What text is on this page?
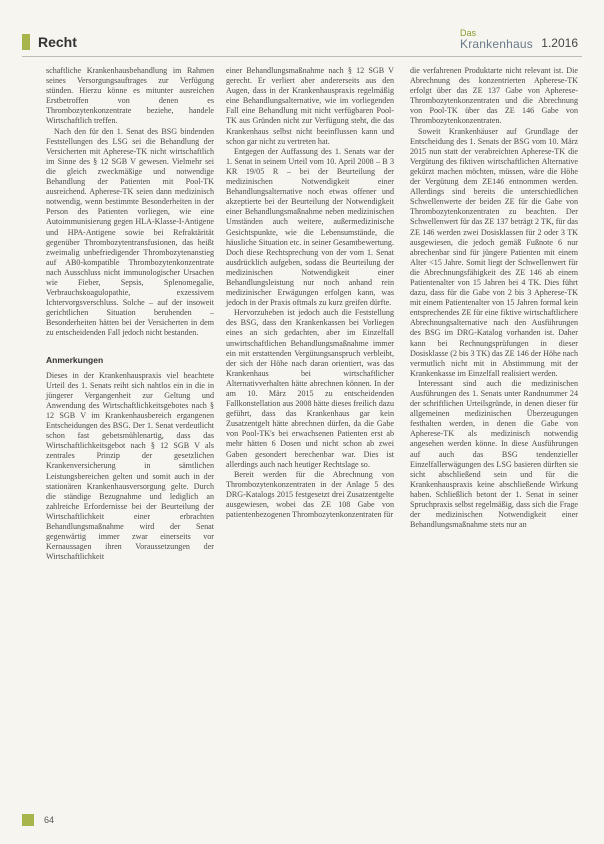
Recht
Das
Krankenhaus 1.2016

schaftliche Krankenhausbehandlung im Rahmen seines Versorgungsauftrages zur Verfügung stünden. Hierzu könne es mitunter ausreichen Erstbetroffen von denen es Thrombozytenkonzentrate beziehe, handele Wirtschaftlich treffen.

Nach den für den 1. Senat des BSG bindenden Feststellungen des LSG sei die Behandlung der Versicherten mit Apherese-TK nicht wirtschaftlich im Sinne des § 12 SGB V gewesen. Vielmehr sei die gleich zweckmäßige und notwendige Behandlung der Patienten mit Pool-TK ausreichend. Apherese-TK seien dann medizinisch notwendig, wenn bestimmte Besonderheiten in der Person des Patienten vorliegen, wie eine Autoimmunisierung gegen HLA-Klasse-I-Antigene und HPA-Antigene sowie bei Refraktärität gegenüber Thrombozytentransfusionen, das heißt zweimalig unbefriedigender Thrombozytenanstieg auf AB0-kompatible Thrombozytenkonzentrate nach Ausschluss nicht immunologischer Ursachen wie Fieber, Sepsis, Splenomegalie, Verbrauchskoagulopathie, exzessivem Ichtervorgsverschluss. Solche – auf der insoweit gerichtlichen Situation beruhenden – Besonderheiten hätten bei der Versicherten in dem zu entscheidenden Fall jedoch nicht bestanden.

Anmerkungen

Dieses in der Krankenhauspraxis viel beachtete Urteil des 1. Senats reiht sich nahtlos ein in die in jüngerer Vergangenheit zur Geltung und Anwendung des Wirtschaftlichkeitsgebotes nach § 12 SGB V im Krankenhausbereich ergangenen Entscheidungen des BSG. Der 1. Senat verdeutlicht schon fast gebetsmühlenartig, dass das Wirtschaftlichkeitsgebot nach § 12 SGB V als zentrales Prinzip der gesetzlichen Krankenversicherung in sämtlichen Leistungsbereichen gelten und somit auch in der stationären Krankenhausversorgung gelte. Durch die ständige Bezugnahme und lediglich an zahlreiche Erfordernisse bei der Beurteilung der Wirtschaftlichkeit einer erbrachten Behandlungsmaßnahme wird der Senat gegenwärtig immer zwar einerseits vor Kernaussagen ihren Voraussetzungen der Wirtschaftlichkeit

einer Behandlungsmaßnahme nach § 12 SGB V gerecht. Er verliert aber andererseits aus den Augen, dass in der Krankenhauspraxis regelmäßig eine Behandlungsalternative, wie im vorliegenden Fall eine Behandlung mit nicht verfügbaren Pool-TK aus Gründen nicht zur Verfügung steht, die das Krankenhaus selbst nicht beeinflussen kann und schon gar nicht zu vertreten hat.

Entgegen der Auffassung des 1. Senats war der 1. Senat in seinem Urteil vom 10. April 2008 – B 3 KR 19/05 R – bei der Beurteilung der medizinischen Notwendigkeit einer Behandlungsalternative noch etwas offener und akzeptierte bei der Beurteilung der Notwendigkeit einer Behandlungsmaßnahme neben medizinischen Umständen auch weitere, außermedizinische Gesichtspunkte, wie die Lebensumstände, die häusliche Situation etc. in seiner Gesamtbewertung. Doch diese Rechtsprechung von der vom 1. Senat ausdrücklich aufgeben, sodass die Beurteilung der medizinischen Notwendigkeit einer Behandlungsleistung nur noch anhand rein medizinischer Erwägungen erfolgen kann, was jedoch in der Praxis oftmals zu kurz greifen dürfte.

Hervorzuheben ist jedoch auch die Feststellung des BSG, dass den Krankenkassen bei Vorliegen eines an sich gedachten, aber im Einzelfall unwirtschaftlichen Behandlungsmaßnahme immer ein mit erstattenden Vergütungsanspruch verbleibt, der sich der Höhe nach daran orientiert, was das Krankenhaus bei wirtschaftlicher Alternativverhalten hätte abrechnen können. In der am 10. März 2015 zu entscheidenden Fallkonstellation aus 2008 hätte dieses freilich dazu geführt, dass das Krankenhaus gar kein Zusatzentgelt hätte abrechnen dürfen, da die Gabe von Pool-TK's bei erwachsenen Patienten erst ab mehr hätten 6 Dosen und nicht schon ab zwei Gaben gesondert berechenbar war. Dies ist allerdings auch nach heutiger Rechtslage so.

Bereit werden für die Abrechnung von Thrombozytenkonzentraten in der Anlage 5 des DRG-Katalogs 2015 festgesetzt drei Zusatzentgelte ausgewiesen, wobei das ZE 108 Gabe von patientenbezogenen Thrombozytenkonzentraten für

die verfahrenen Produktarte nicht relevant ist. Die Abrechnung des konzentrierten Apherese-TK erfolgt über das ZE 137 Gabe von Apherese-Thrombozytenkonzentraten und die Abrechnung von Pool-TK über das ZE 146 Gabe von Thrombozytenkonzentraten.

Soweit Krankenhäuser auf Grundlage der Entscheidung des 1. Senats der BSG vom 10. März 2015 nun statt der verabreichten Apherese-TK die Vergütung des fiktiven wirtschaftlichen Alternative gekürzt machen möchten, müssen, wäre die Höhe der Vergütung dem ZE146 entnommen werden. Allerdings sind bereits die unterschiedlichen Schwellenwerte der beiden ZE für die Gabe von Thrombozytenkonzentraten zu beachten. Der Schwellenwert für das ZE 137 beträgt 2 TK, für das ZE 146 werden zwei Dosisklassen für 2 oder 3 TK ausgewiesen, die jedoch gemäß Fußnote 6 nur abrechenbar sind für jüngere Patienten mit einem Alter <15 Jahre. Somit liegt der Schwellenwert für die Abrechnungsfähigkeit des ZE 146 ab einem Patientenalter von 15 Jahren bei 4 TK. Dies führt dazu, dass für die Gabe von 2 bis 3 Apherese-TK mit einem Patientenalter von 15 Jahren formal kein entsprechendes ZE für eine fiktive wirtschaftlichere Abrechnungsalternative nach den Ausführungen des BSG im DRG-Katalog vorhanden ist. Daher kann bei Rechnungsprüfungen in dieser Dosisklasse (2 bis 3 TK) das ZE 146 der Höhe nach vermutlich nicht mit in Abstimmung mit der Krankenkasse im Einzelfall realisiert werden.

Interessant sind auch die medizinischen Ausführungen des 1. Senats unter Randnummer 24 der schriftlichen Urteilsgründe, in denen dieser für allgemeinen medizinischen Überzeugungen festhalten werden, in denen die Gabe von Apherese-TK als medizinisch notwendig angesehen werden könne. In diese Ausführungen auf auch das BSG tendenzieller Einzelfallerwägungen des LSG basieren dürften sie sicht abschließend sein und für die Krankenhauspraxis keine abschließende Wirkung haben. Schließlich betont der 1. Senat in seiner Spruchpraxis selbst regelmäßig, dass sich die Frage der medizinischen Notwendigkeit einer Behandlungsmaßnahme stets nur an

64
